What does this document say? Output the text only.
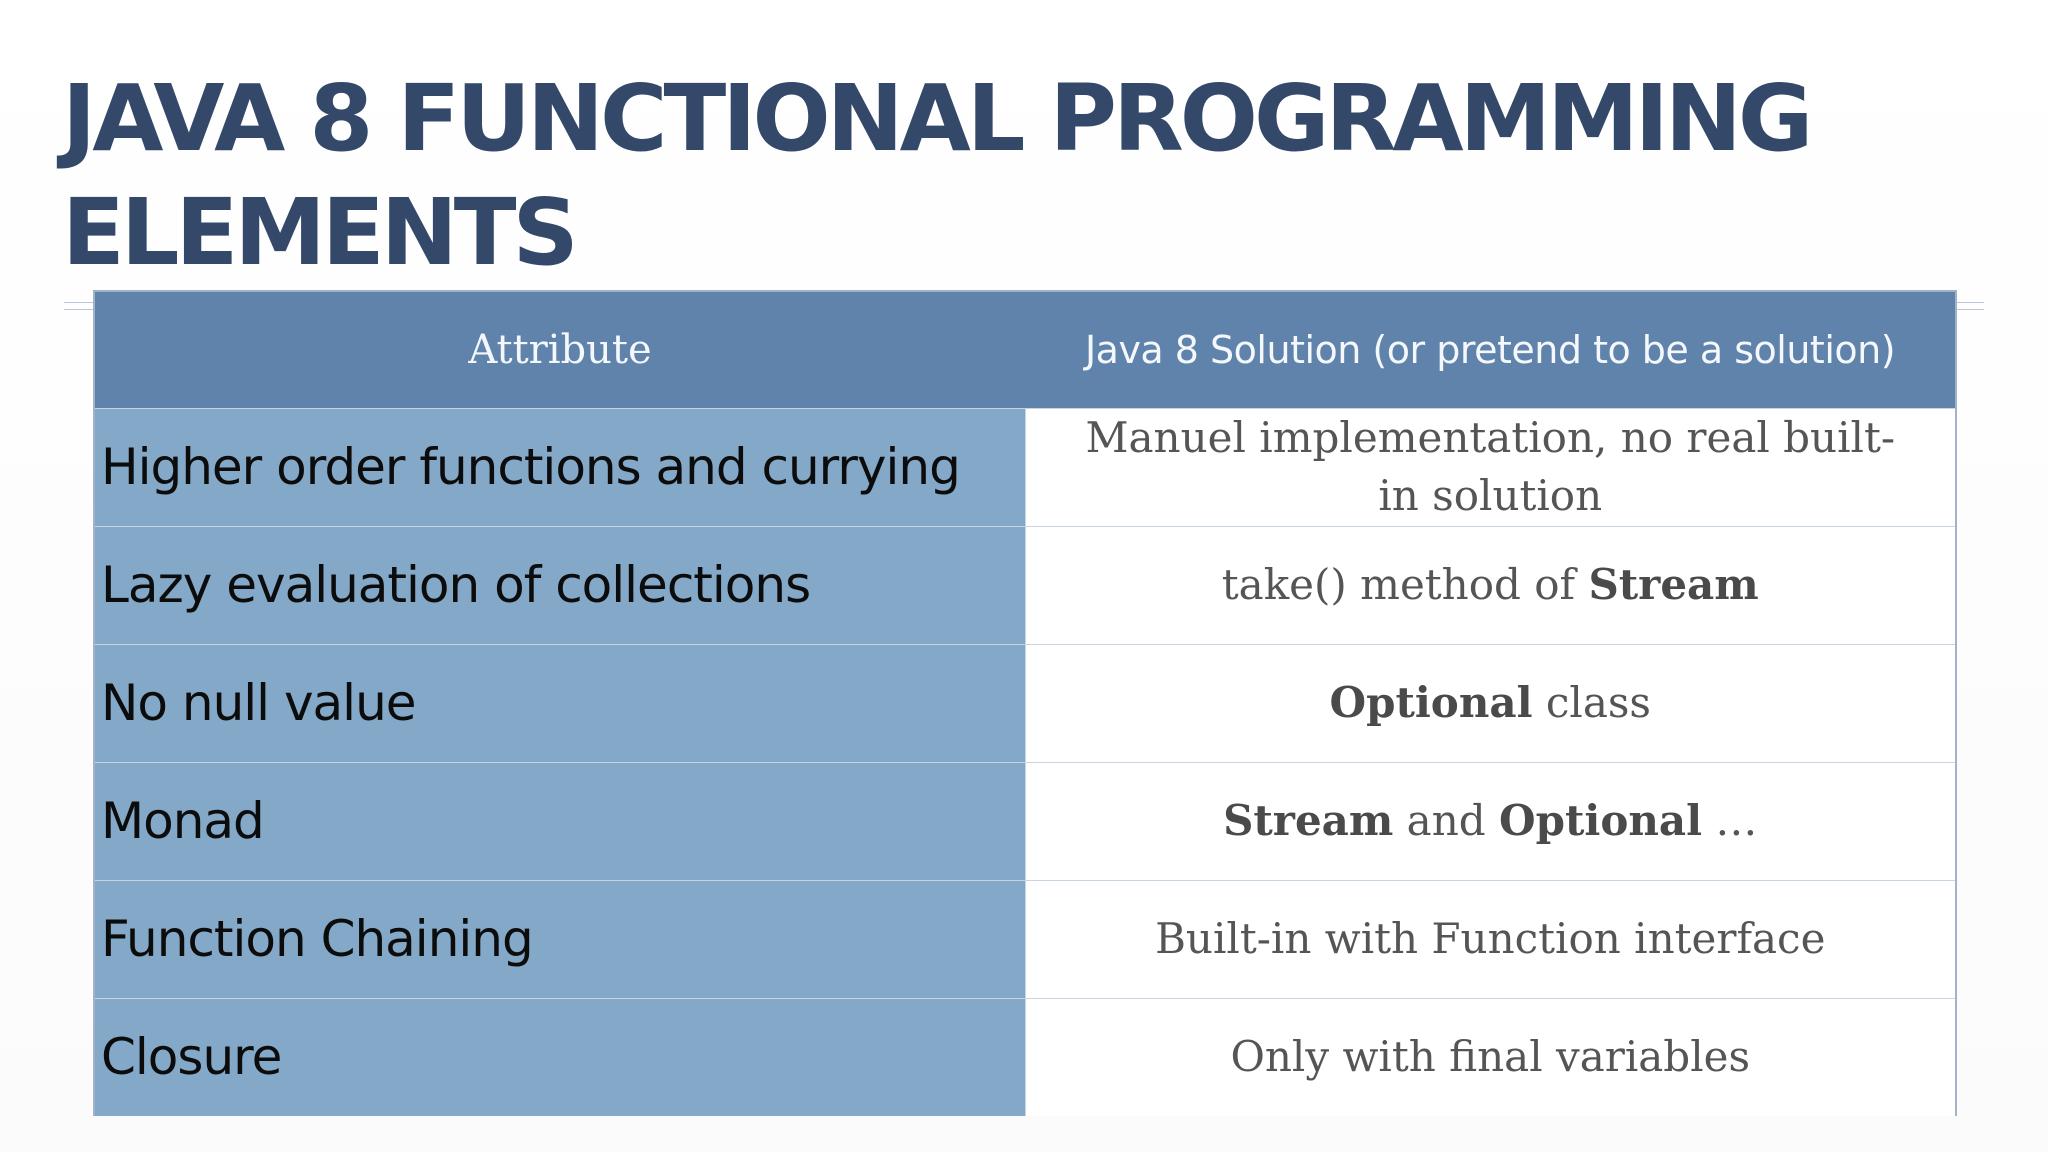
JAVA 8 FUNCTIONAL PROGRAMMING ELEMENTS
Attribute	Java 8 Solution (or pretend to be a solution)
Higher order functions and currying	Manuel implementation, no real built-in solution
Lazy evaluation of collections	take() method of Stream
No null value	Optional class
Monad	Stream and Optional …
Function Chaining	Built-in with Function interface
Closure	Only with final variables
